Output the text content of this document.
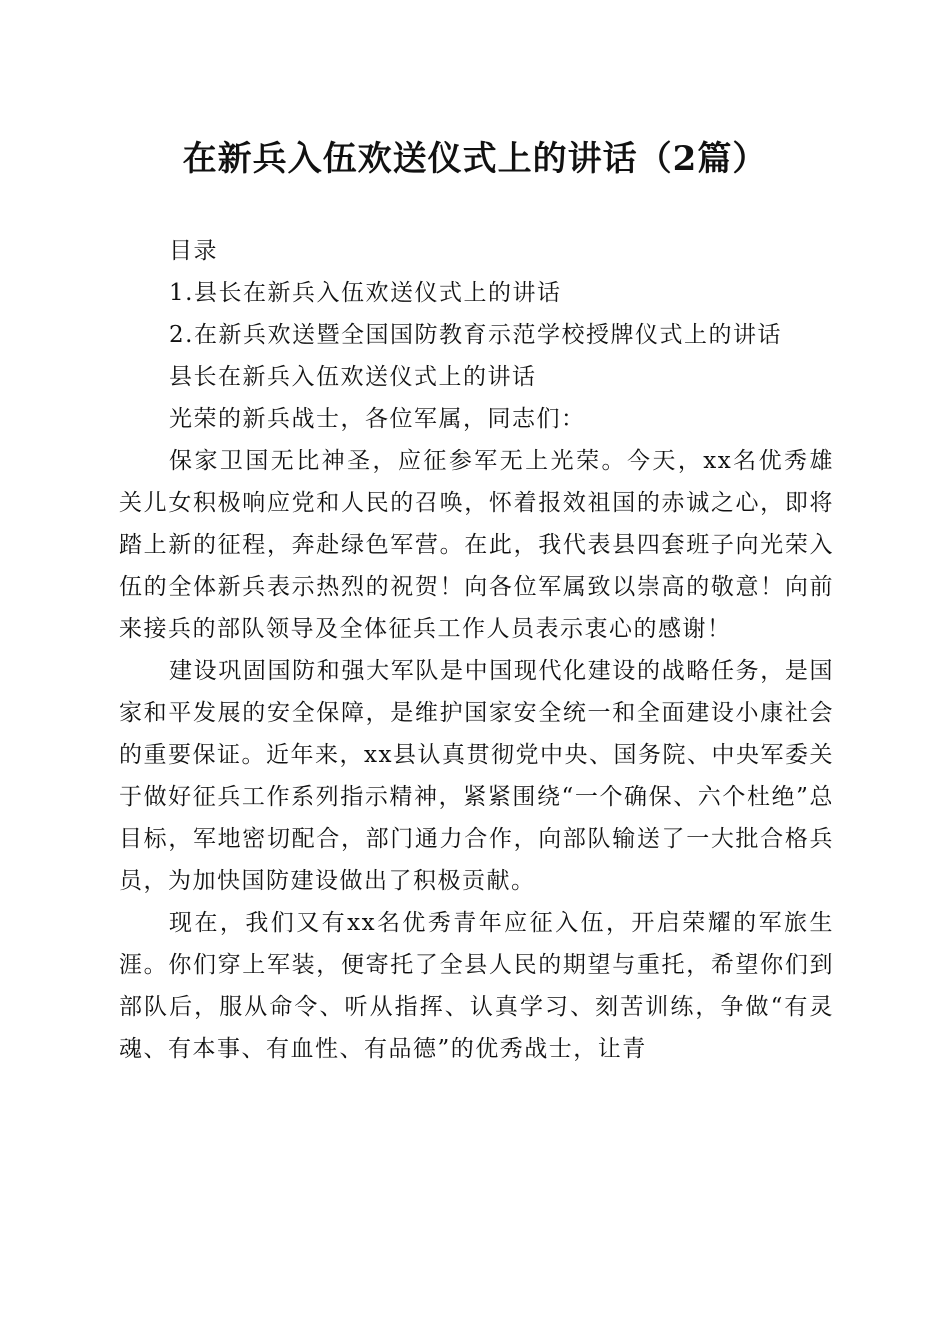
在新兵入伍欢送仪式上的讲话（2篇）

目录

1.县长在新兵入伍欢送仪式上的讲话

2.在新兵欢送暨全国国防教育示范学校授牌仪式上的讲话

县长在新兵入伍欢送仪式上的讲话

光荣的新兵战士，各位军属，同志们：

保家卫国无比神圣，应征参军无上光荣。今天，xx名优秀雄关儿女积极响应党和人民的召唤，怀着报效祖国的赤诚之心，即将踏上新的征程，奔赴绿色军营。在此，我代表县四套班子向光荣入伍的全体新兵表示热烈的祝贺！向各位军属致以崇高的敬意！向前来接兵的部队领导及全体征兵工作人员表示衷心的感谢！

建设巩固国防和强大军队是中国现代化建设的战略任务，是国家和平发展的安全保障，是维护国家安全统一和全面建设小康社会的重要保证。近年来，xx县认真贯彻党中央、国务院、中央军委关于做好征兵工作系列指示精神，紧紧围绕“一个确保、六个杜绝”总目标，军地密切配合，部门通力合作，向部队输送了一大批合格兵员，为加快国防建设做出了积极贡献。

现在，我们又有xx名优秀青年应征入伍，开启荣耀的军旅生涯。你们穿上军装，便寄托了全县人民的期望与重托，希望你们到部队后，服从命令、听从指挥、认真学习、刻苦训练，争做“有灵魂、有本事、有血性、有品德”的优秀战士，让青
